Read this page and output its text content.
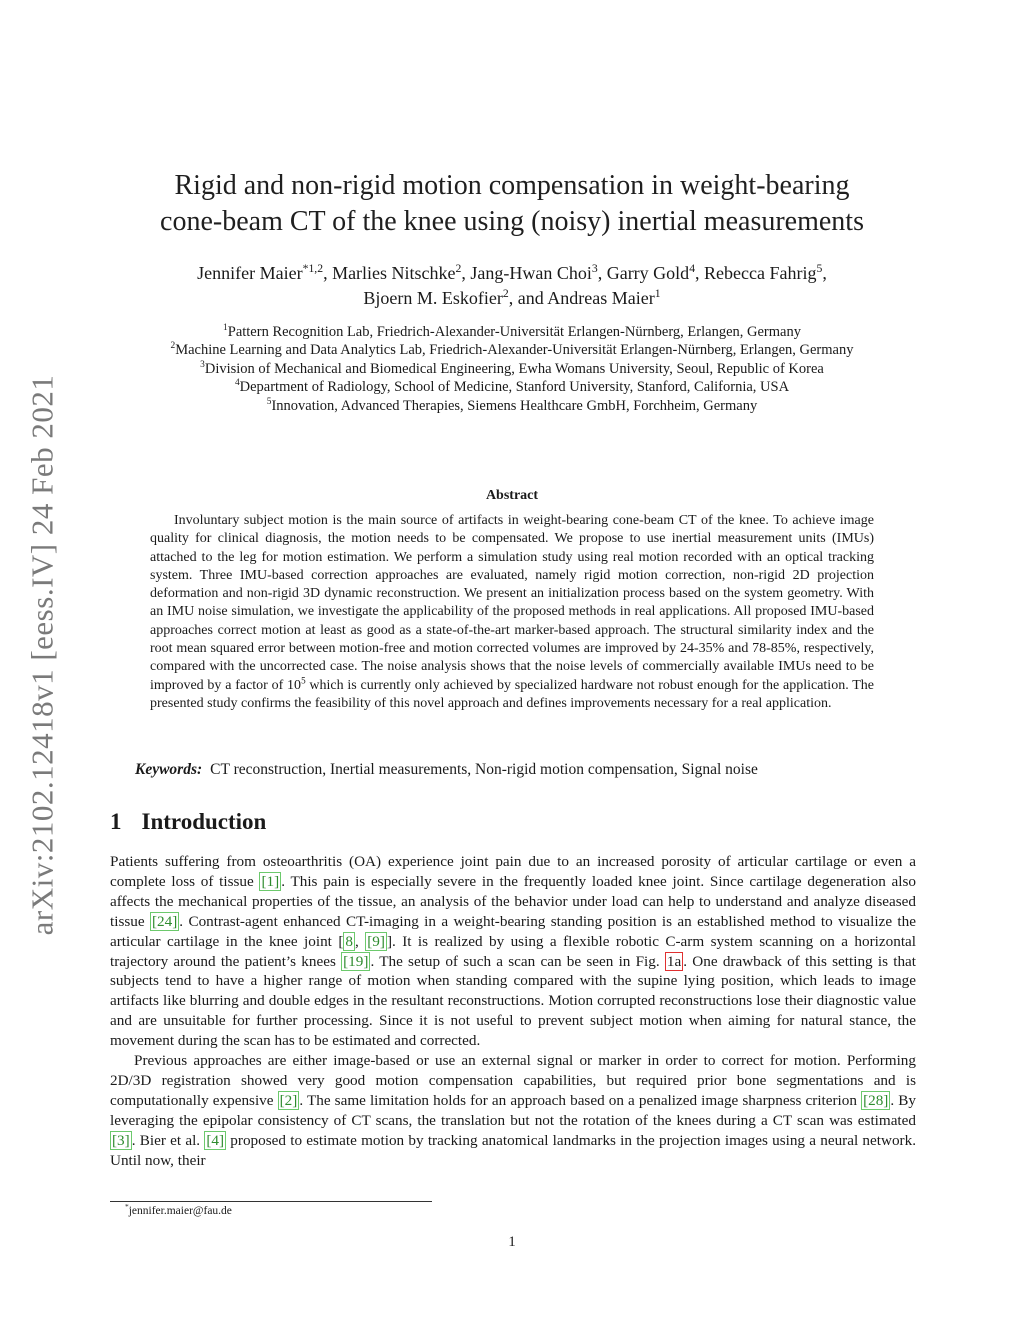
arXiv:2102.12418v1 [eess.IV] 24 Feb 2021
Rigid and non-rigid motion compensation in weight-bearing
cone-beam CT of the knee using (noisy) inertial measurements
Jennifer Maier$^{*1,2}$, Marlies Nitschke$^2$, Jang-Hwan Choi$^3$, Garry Gold$^4$, Rebecca Fahrig$^5$,
Bjoern M. Eskofier$^2$, and Andreas Maier$^1$
$^1$Pattern Recognition Lab, Friedrich-Alexander-Universität Erlangen-Nürnberg, Erlangen, Germany
$^2$Machine Learning and Data Analytics Lab, Friedrich-Alexander-Universität Erlangen-Nürnberg, Erlangen, Germany
$^3$Division of Mechanical and Biomedical Engineering, Ewha Womans University, Seoul, Republic of Korea
$^4$Department of Radiology, School of Medicine, Stanford University, Stanford, California, USA
$^5$Innovation, Advanced Therapies, Siemens Healthcare GmbH, Forchheim, Germany
Abstract
Involuntary subject motion is the main source of artifacts in weight-bearing cone-beam CT of the knee. To achieve image quality for clinical diagnosis, the motion needs to be compensated. We propose to use inertial measurement units (IMUs) attached to the leg for motion estimation. We perform a simulation study using real motion recorded with an optical tracking system. Three IMU-based correction approaches are evaluated, namely rigid motion correction, non-rigid 2D projection deformation and non-rigid 3D dynamic reconstruction. We present an initialization process based on the system geometry. With an IMU noise simulation, we investigate the applicability of the proposed methods in real applications. All proposed IMU-based approaches correct motion at least as good as a state-of-the-art marker-based approach. The structural similarity index and the root mean squared error between motion-free and motion corrected volumes are improved by 24-35% and 78-85%, respectively, compared with the uncorrected case. The noise analysis shows that the noise levels of commercially available IMUs need to be improved by a factor of $10^5$ which is currently only achieved by specialized hardware not robust enough for the application. The presented study confirms the feasibility of this novel approach and defines improvements necessary for a real application.
Keywords: CT reconstruction, Inertial measurements, Non-rigid motion compensation, Signal noise
1 Introduction

Patients suffering from osteoarthritis (OA) experience joint pain due to an increased porosity of articular cartilage or even a complete loss of tissue [1] . This pain is especially severe in the frequently loaded knee joint. Since cartilage degeneration also affects the mechanical properties of the tissue, an analysis of the behavior under load can help to understand and analyze diseased tissue [24] . Contrast-agent enhanced CT-imaging in a weight-bearing standing position is an established method to visualize the articular cartilage in the knee joint [ 8 , [9] ]. It is realized by using a flexible robotic C-arm system scanning on a horizontal trajectory around the patient’s knees [19] . The setup of such a scan can be seen in Fig. 1a . One drawback of this setting is that subjects tend to have a higher range of motion when standing compared with the supine lying position, which leads to image artifacts like blurring and double edges in the resultant reconstructions. Motion corrupted reconstructions lose their diagnostic value and are unsuitable for further processing. Since it is not useful to prevent subject motion when aiming for natural stance, the movement during the scan has to be estimated and corrected.

Previous approaches are either image-based or use an external signal or marker in order to correct for motion. Performing 2D/3D registration showed very good motion compensation capabilities, but required prior bone segmentations and is computationally expensive [2] . The same limitation holds for an approach based on a penalized image sharpness criterion [28] . By leveraging the epipolar consistency of CT scans, the translation but not the rotation of the knees during a CT scan was estimated [3] . Bier et al. [4] proposed to estimate motion by tracking anatomical landmarks in the projection images using a neural network. Until now, their

*jennifer.maier@fau.de
1
